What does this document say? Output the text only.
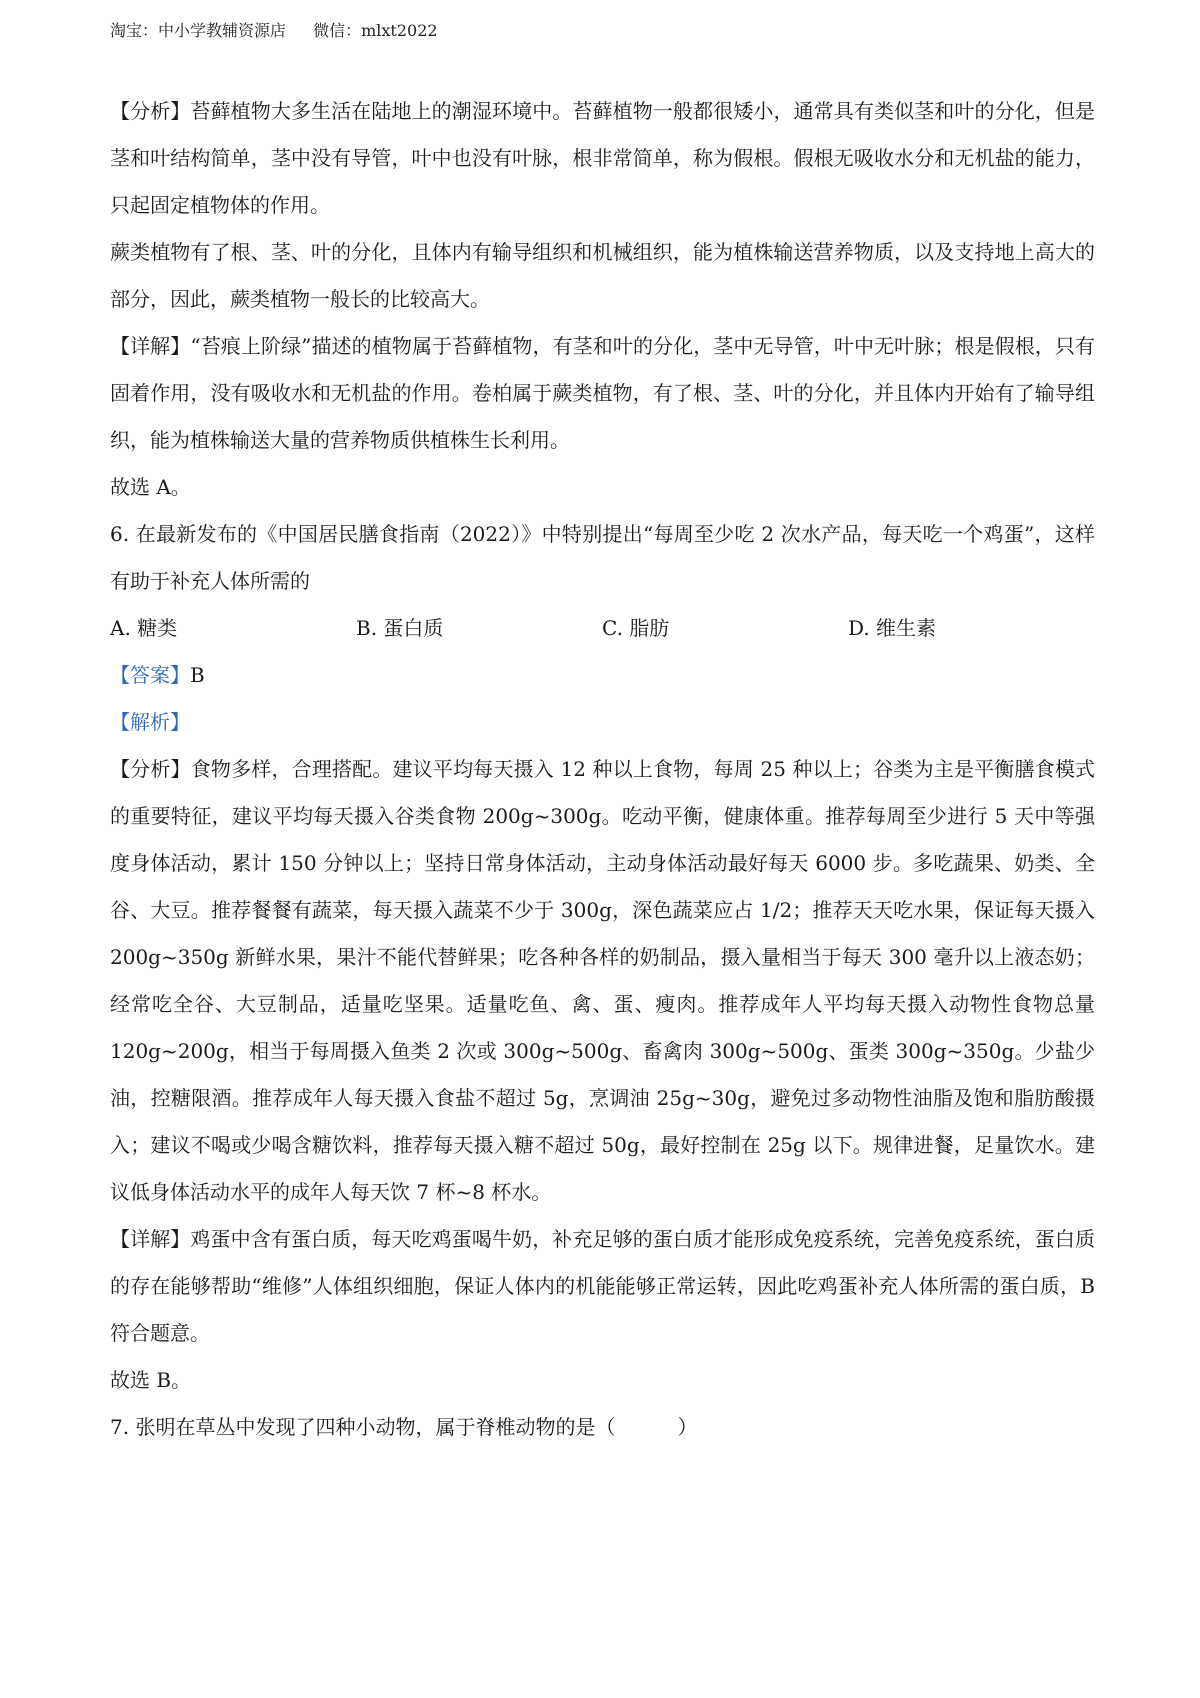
淘宝：中小学教辅资源店 微信：mlxt2022

【分析】苔藓植物大多生活在陆地上的潮湿环境中。苔藓植物一般都很矮小，通常具有类似茎和叶的分化，但是茎和叶结构简单，茎中没有导管，叶中也没有叶脉，根非常简单，称为假根。假根无吸收水分和无机盐的能力，只起固定植物体的作用。

蕨类植物有了根、茎、叶的分化，且体内有输导组织和机械组织，能为植株输送营养物质，以及支持地上高大的部分，因此，蕨类植物一般长的比较高大。

【详解】“苔痕上阶绿”描述的植物属于苔藓植物，有茎和叶的分化，茎中无导管，叶中无叶脉；根是假根，只有固着作用，没有吸收水和无机盐的作用。卷柏属于蕨类植物，有了根、茎、叶的分化，并且体内开始有了输导组织，能为植株输送大量的营养物质供植株生长利用。

故选 A。

6. 在最新发布的《中国居民膳食指南（2022）》中特别提出“每周至少吃 2 次水产品，每天吃一个鸡蛋”，这样有助于补充人体所需的

A. 糖类	B. 蛋白质	C. 脂肪	D. 维生素

【答案】B

【解析】

【分析】食物多样，合理搭配。建议平均每天摄入 12 种以上食物，每周 25 种以上；谷类为主是平衡膳食模式的重要特征，建议平均每天摄入谷类食物 200g~300g。吃动平衡，健康体重。推荐每周至少进行 5 天中等强度身体活动，累计 150 分钟以上；坚持日常身体活动，主动身体活动最好每天 6000 步。多吃蔬果、奶类、全谷、大豆。推荐餐餐有蔬菜，每天摄入蔬菜不少于 300g，深色蔬菜应占 1/2；推荐天天吃水果，保证每天摄入 200g~350g 新鲜水果，果汁不能代替鲜果；吃各种各样的奶制品，摄入量相当于每天 300 毫升以上液态奶；经常吃全谷、大豆制品，适量吃坚果。适量吃鱼、禽、蛋、瘦肉。推荐成年人平均每天摄入动物性食物总量 120g~200g，相当于每周摄入鱼类 2 次或 300g~500g、畜禽肉 300g~500g、蛋类 300g~350g。少盐少油，控糖限酒。推荐成年人每天摄入食盐不超过 5g，烹调油 25g~30g，避免过多动物性油脂及饱和脂肪酸摄入；建议不喝或少喝含糖饮料，推荐每天摄入糖不超过 50g，最好控制在 25g 以下。规律进餐，足量饮水。建议低身体活动水平的成年人每天饮 7 杯~8 杯水。

【详解】鸡蛋中含有蛋白质，每天吃鸡蛋喝牛奶，补充足够的蛋白质才能形成免疫系统，完善免疫系统，蛋白质的存在能够帮助“维修”人体组织细胞，保证人体内的机能能够正常运转，因此吃鸡蛋补充人体所需的蛋白质，B 符合题意。

故选 B。

7. 张明在草丛中发现了四种小动物，属于脊椎动物的是（	）
